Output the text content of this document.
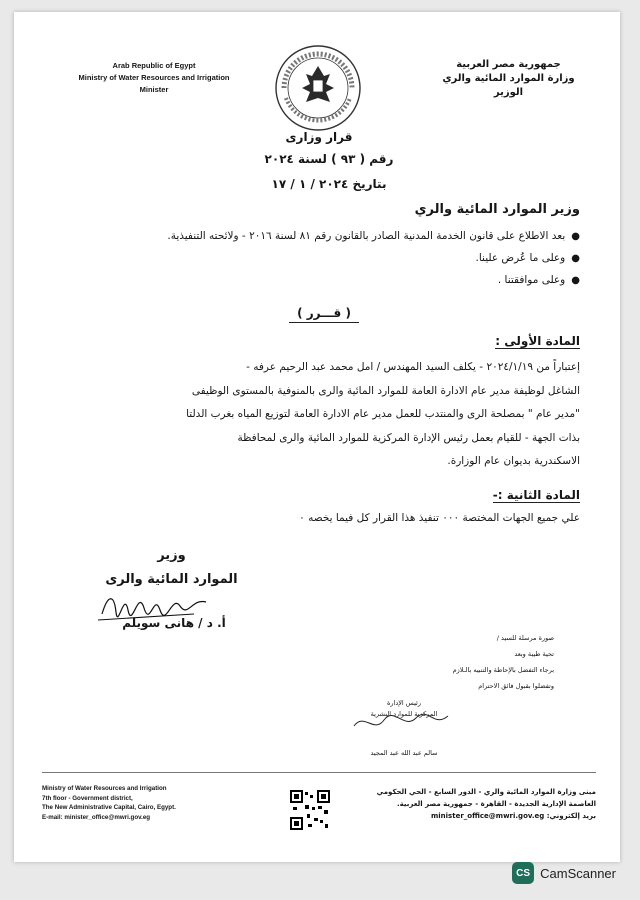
Arab Republic of Egypt
Ministry of Water Resources and Irrigation
Minister
جمهورية مصر العربية
وزارة الموارد المائية والري
الوزير
قرار وزارى
رقم ( ٩٣ ) لسنة ٢٠٢٤
بتاريخ ٢٠٢٤ / ١ / ١٧
وزير الموارد المائية والري
●
بعد الاطلاع على قانون الخدمة المدنية الصادر بالقانون رقم ٨١ لسنة ٢٠١٦ - ولائحته التنفيذية.
●
وعلى ما عُرض علينا.
●
وعلى موافقتنا .
( قـــرر )
المادة الأولى :
إعتباراً من ٢٠٢٤/١/١٩ - يكلف السيد المهندس / امل محمد عبد الرحيم عرفه -
الشاغل لوظيفة مدير عام الادارة العامة للموارد المائية والرى بالمنوفية بالمستوى الوظيفى
"مدير عام " بمصلحة الرى والمنتدب للعمل مدير عام الادارة العامة لتوزيع المياه بغرب الدلتا
بذات الجهة - للقيام بعمل رئيس الإدارة المركزية للموارد المائية والرى لمحافظة
الاسكندرية بديوان عام الوزارة.
المادة الثانية :-
علي جميع الجهات المختصة ٠٠٠ تنفيذ هذا القرار كل فيما يخصه ٠
وزير
الموارد المائية والرى
أ. د / هانى سويلم
صورة مرسلة للسيد /
تحية طيبة وبعد
برجاء التفضل بالإحاطة والتنبيه بالـلازم
وتفضلوا بقبول فائق الاحترام
رئيس الإدارة
المركزية للموارد البشرية
سالم عبد الله عبد المجيد
Ministry of Water Resources and Irrigation
7th floor - Government district,
The New Administrative Capital, Cairo, Egypt.
E-mail: minister_office@mwri.gov.eg
مبنى وزارة الموارد المائية والري - الدور السابع - الحي الحكومي
العاصمة الإدارية الجديدة - القاهرة - جمهورية مصر العربية.
بريد إلكتروني: minister_office@mwri.gov.eg
CS CamScanner
